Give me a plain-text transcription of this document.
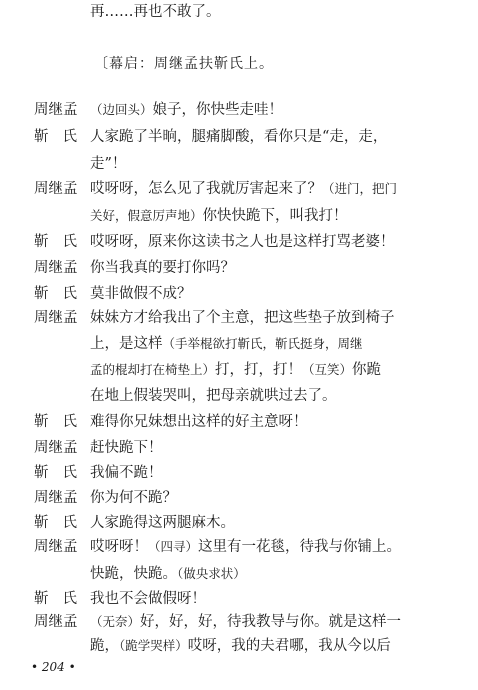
〔幕启：周继孟扶靳氏上。
周继孟	（边回头）娘子，你快些走哇！
靳氏 人家跪了半晌，腿痛脚酸，看你只是“走，走，
走”！
周继孟 哎呀呀，怎么见了我就厉害起来了？（进门，把门
关好，假意厉声地）你快快跪下，叫我打！
靳氏 哎呀呀，原来你这读书之人也是这样打骂老婆！
周继孟 你当我真的要打你吗？
靳氏 莫非做假不成？
周继孟 妹妹方才给我出了个主意，把这些垫子放到椅子
上，是这样（手举棍欲打靳氏，靳氏挺身，周继
孟的棍却打在椅垫上）打，打，打！（互笑）你跪
在地上假装哭叫，把母亲就哄过去了。
靳氏 难得你兄妹想出这样的好主意呀！
周继孟 赶快跪下！
靳氏 我偏不跪！
周继孟 你为何不跪？
靳氏 人家跪得这两腿麻木。
周继孟 哎呀呀！（四寻）这里有一花毯，待我与你铺上。
快跪，快跪。（做央求状）
靳氏 我也不会做假呀！
周继孟	（无奈）好，好，好，待我教导与你。就是这样一
跪，（跪学哭样）哎呀，我的夫君哪，我从今以后
再……再也不敢了。
• 204 •
